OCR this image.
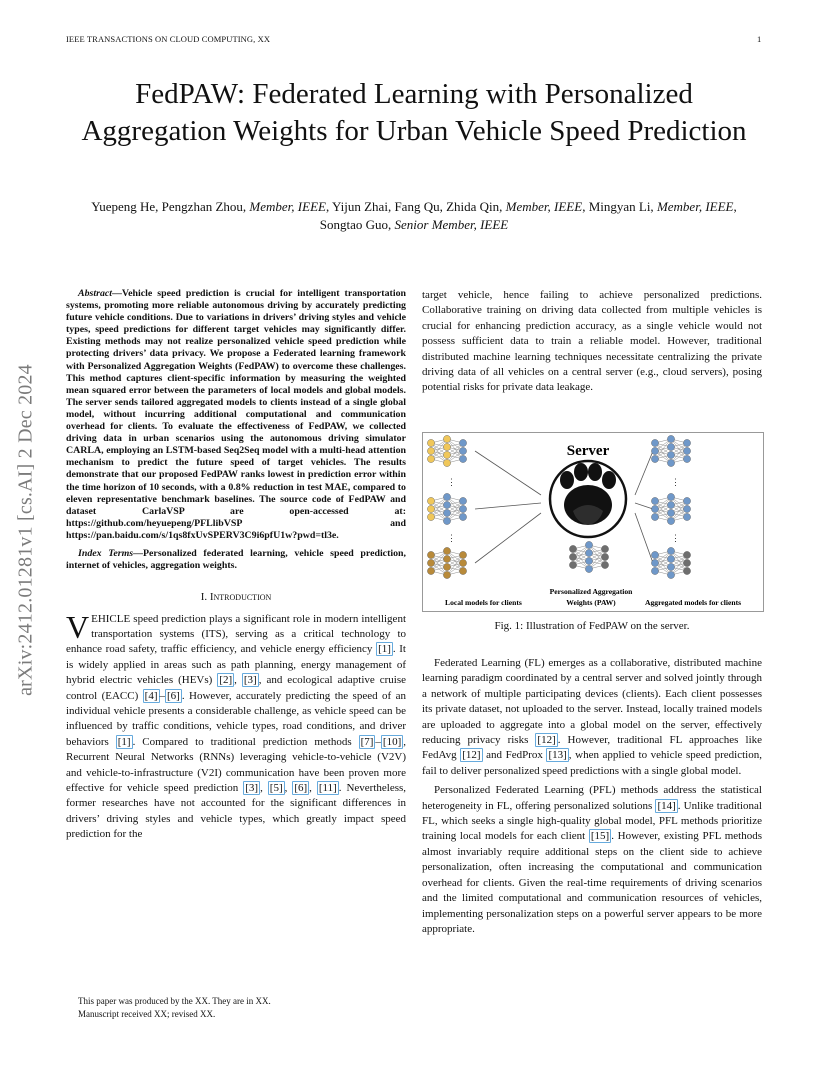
IEEE TRANSACTIONS ON CLOUD COMPUTING, XX	1
arXiv:2412.01281v1 [cs.AI] 2 Dec 2024
FedPAW: Federated Learning with Personalized Aggregation Weights for Urban Vehicle Speed Prediction
Yuepeng He, Pengzhan Zhou, Member, IEEE, Yijun Zhai, Fang Qu, Zhida Qin, Member, IEEE, Mingyan Li, Member, IEEE, Songtao Guo, Senior Member, IEEE

Abstract—Vehicle speed prediction is crucial for intelligent transportation systems, promoting more reliable autonomous driving by accurately predicting future vehicle conditions. Due to variations in drivers’ driving styles and vehicle types, speed predictions for different target vehicles may significantly differ. Existing methods may not realize personalized vehicle speed prediction while protecting drivers’ data privacy. We propose a Federated learning framework with Personalized Aggregation Weights (FedPAW) to overcome these challenges. This method captures client-specific information by measuring the weighted mean squared error between the parameters of local models and global models. The server sends tailored aggregated models to clients instead of a single global model, without incurring additional computational and communication overhead for clients. To evaluate the effectiveness of FedPAW, we collected driving data in urban scenarios using the autonomous driving simulator CARLA, employing an LSTM-based Seq2Seq model with a multi-head attention mechanism to predict the future speed of target vehicles. The results demonstrate that our proposed FedPAW ranks lowest in prediction error within the time horizon of 10 seconds, with a 0.8% reduction in test MAE, compared to eleven representative benchmark baselines. The source code of FedPAW and dataset CarlaVSP are open-accessed at: https://github.com/heyuepeng/PFLlibVSP and https://pan.baidu.com/s/1qs8fxUvSPERV3C9i6pfU1w?pwd=tl3e.

Index Terms—Personalized federated learning, vehicle speed prediction, internet of vehicles, aggregation weights.

I. Introduction

VEHICLE speed prediction plays a significant role in modern intelligent transportation systems (ITS), serving as a critical technology to enhance road safety, traffic efficiency, and vehicle energy efficiency [1] . It is widely applied in areas such as path planning, energy management of hybrid electric vehicles (HEVs) [2] , [3] , and ecological adaptive cruise control (EACC) [4] – [6] . However, accurately predicting the speed of an individual vehicle presents a considerable challenge, as vehicle speed can be influenced by traffic conditions, vehicle types, road conditions, and driver behaviors [1] . Compared to traditional prediction methods [7] – [10] , Recurrent Neural Networks (RNNs) leveraging vehicle-to-vehicle (V2V) and vehicle-to-infrastructure (V2I) communication have been proven more effective for vehicle speed prediction [3] , [5] , [6] , [11] . Nevertheless, former researches have not accounted for the significant differences in drivers’ driving styles and vehicle types, which greatly impact speed prediction for the

This paper was produced by the XX. They are in XX.
Manuscript received XX; revised XX.

target vehicle, hence failing to achieve personalized predictions. Collaborative training on driving data collected from multiple vehicles is crucial for enhancing prediction accuracy, as a single vehicle would not possess sufficient data to train a reliable model. However, traditional distributed machine learning techniques necessitate centralizing the private driving data of all vehicles on a central server (e.g., cloud servers), posing potential risks for private data leakage.

⋮
⋮
⋮
⋮
Server
Local models for clients
Personalized Aggregation
Weights (PAW)	Aggregated models for clients
Fig. 1: Illustration of FedPAW on the server.

Federated Learning (FL) emerges as a collaborative, distributed machine learning paradigm coordinated by a central server and solved jointly through a network of multiple participating devices (clients). Each client possesses its private dataset, not uploaded to the server. Instead, locally trained models are uploaded to aggregate into a global model on the server, effectively reducing privacy risks [12] . However, traditional FL approaches like FedAvg [12] and FedProx [13] , when applied to vehicle speed prediction, fail to deliver personalized speed predictions with a single global model.

Personalized Federated Learning (PFL) methods address the statistical heterogeneity in FL, offering personalized solutions [14] . Unlike traditional FL, which seeks a single high-quality global model, PFL methods prioritize training local models for each client [15] . However, existing PFL methods almost invariably require additional steps on the client side to achieve personalization, often increasing the computational and communication overhead for clients. Given the real-time requirements of driving scenarios and the limited computational and communication resources of vehicles, implementing personalization steps on a powerful server appears to be more appropriate.
